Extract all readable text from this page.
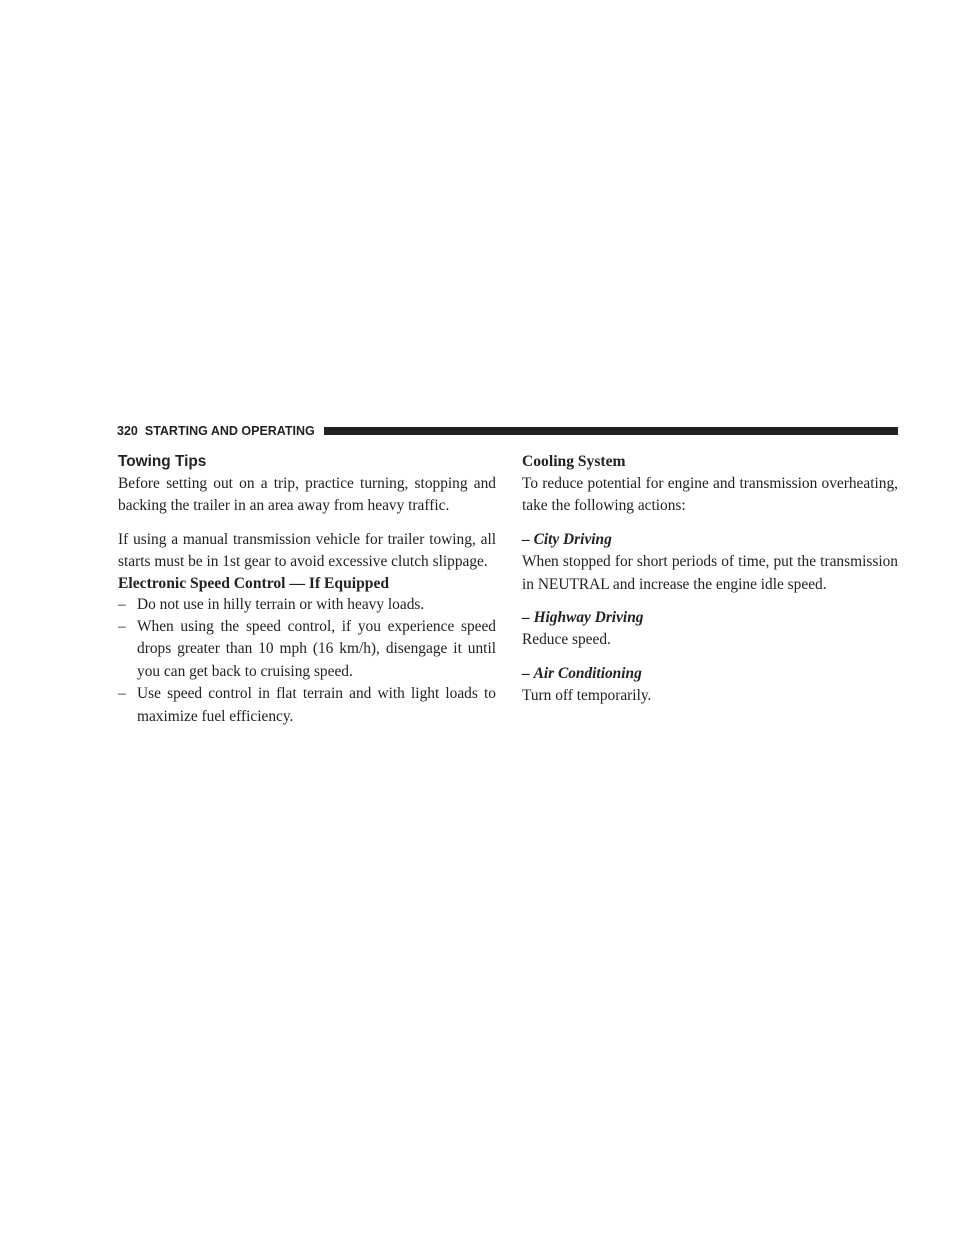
320 STARTING AND OPERATING
Towing Tips

Before setting out on a trip, practice turning, stopping and backing the trailer in an area away from heavy traffic.

If using a manual transmission vehicle for trailer towing, all starts must be in 1st gear to avoid excessive clutch slippage.

Electronic Speed Control — If Equipped

– Do not use in hilly terrain or with heavy loads.

– When using the speed control, if you experience speed drops greater than 10 mph (16 km/h), disengage it until you can get back to cruising speed.

– Use speed control in flat terrain and with light loads to maximize fuel efficiency.

Cooling System

To reduce potential for engine and transmission overheating, take the following actions:

– City Driving

When stopped for short periods of time, put the transmission in NEUTRAL and increase the engine idle speed.

– Highway Driving

Reduce speed.

– Air Conditioning

Turn off temporarily.
